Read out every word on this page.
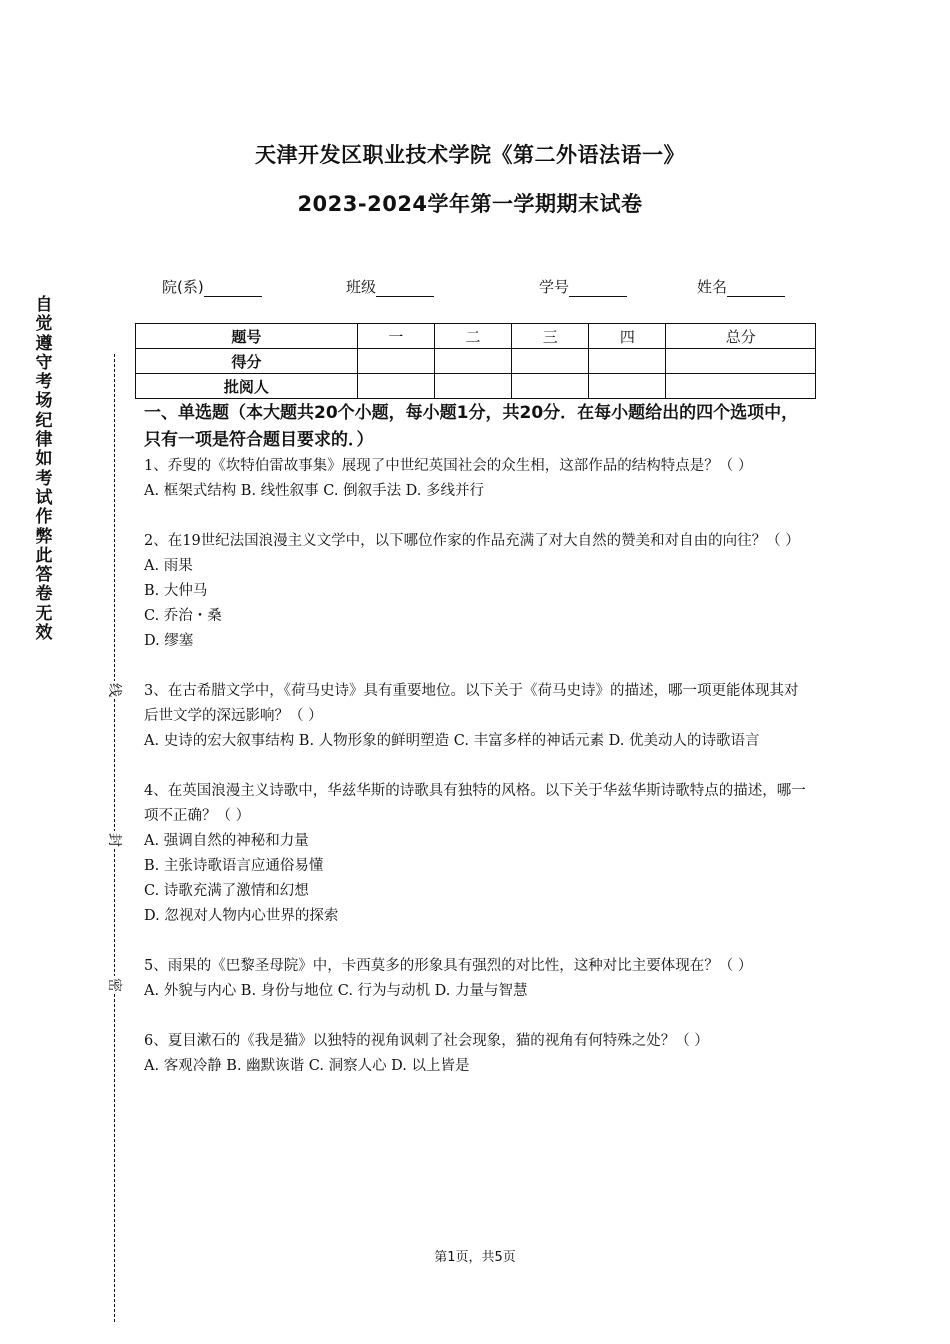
天津开发区职业技术学院《第二外语法语一》
2023-2024学年第一学期期末试卷
院(系)	班级	学号	姓名
题号	一	二	三	四	总分
得分					
批阅人					
自觉遵守考场纪律如考试作弊此答卷无效
线
封
密

一、单选题（本大题共20个小题，每小题1分，共20分．在每小题给出的四个选项中，只有一项是符合题目要求的．）

1、乔叟的《坎特伯雷故事集》展现了中世纪英国社会的众生相，这部作品的结构特点是？（ ）

A. 框架式结构 B. 线性叙事 C. 倒叙手法 D. 多线并行

2、在19世纪法国浪漫主义文学中，以下哪位作家的作品充满了对大自然的赞美和对自由的向往？（ ）

A. 雨果

B. 大仲马

C. 乔治・桑

D. 缪塞

3、在古希腊文学中，《荷马史诗》具有重要地位。以下关于《荷马史诗》的描述，哪一项更能体现其对后世文学的深远影响？（ ）

A. 史诗的宏大叙事结构 B. 人物形象的鲜明塑造 C. 丰富多样的神话元素 D. 优美动人的诗歌语言

4、在英国浪漫主义诗歌中，华兹华斯的诗歌具有独特的风格。以下关于华兹华斯诗歌特点的描述，哪一项不正确？（ ）

A. 强调自然的神秘和力量

B. 主张诗歌语言应通俗易懂

C. 诗歌充满了激情和幻想

D. 忽视对人物内心世界的探索

5、雨果的《巴黎圣母院》中，卡西莫多的形象具有强烈的对比性，这种对比主要体现在？（ ）

A. 外貌与内心 B. 身份与地位 C. 行为与动机 D. 力量与智慧

6、夏目漱石的《我是猫》以独特的视角讽刺了社会现象，猫的视角有何特殊之处？（ ）

A. 客观冷静 B. 幽默诙谐 C. 洞察人心 D. 以上皆是

第1页，共5页
